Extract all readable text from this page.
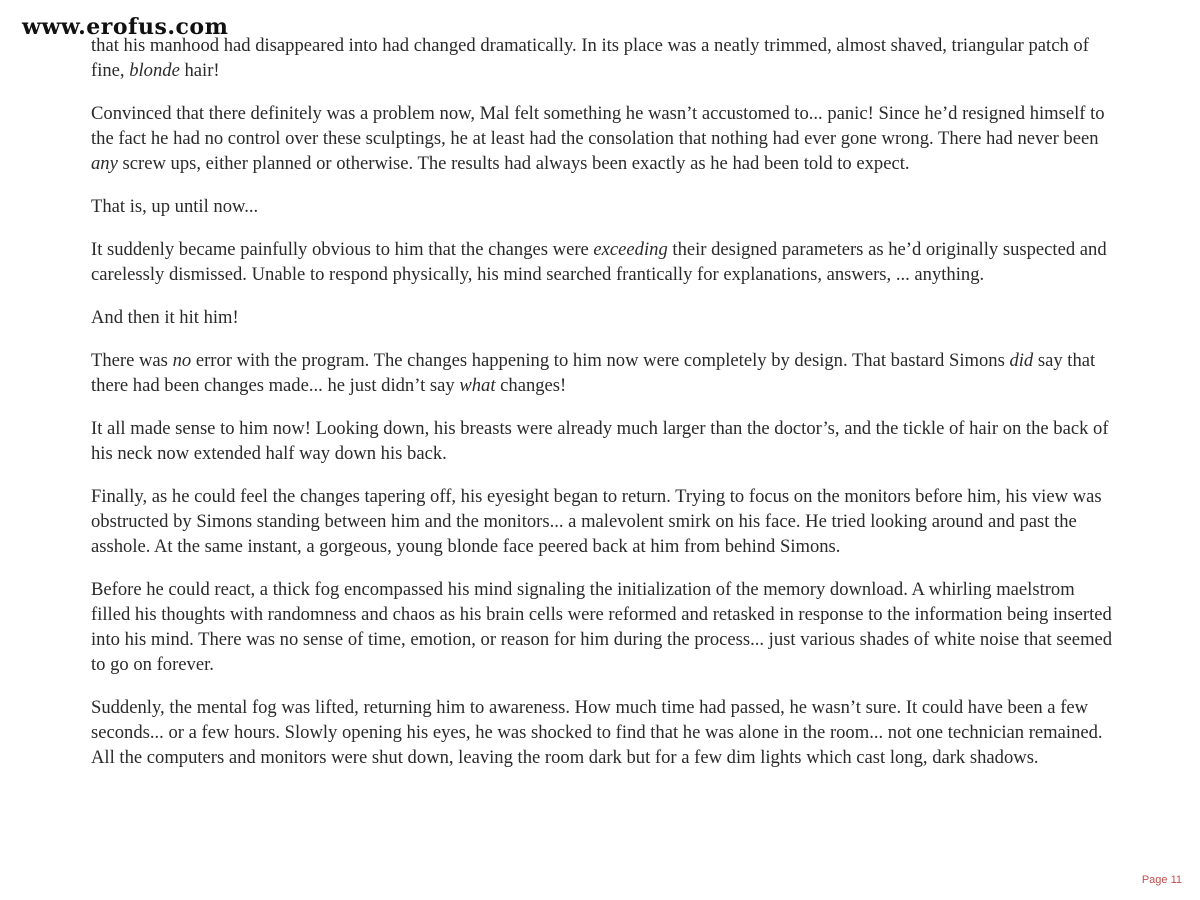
www.erofus.com

that his manhood had disappeared into had changed dramatically. In its place was a neatly trimmed, almost shaved, triangular patch of fine, blonde hair!

Convinced that there definitely was a problem now, Mal felt something he wasn’t accustomed to... panic! Since he’d resigned himself to the fact he had no control over these sculptings, he at least had the consolation that nothing had ever gone wrong. There had never been any screw ups, either planned or otherwise. The results had always been exactly as he had been told to expect.

That is, up until now...

It suddenly became painfully obvious to him that the changes were exceeding their designed parameters as he’d originally suspected and carelessly dismissed. Unable to respond physically, his mind searched frantically for explanations, answers, ... anything.

And then it hit him!

There was no error with the program. The changes happening to him now were completely by design. That bastard Simons did say that there had been changes made... he just didn’t say what changes!

It all made sense to him now! Looking down, his breasts were already much larger than the doctor’s, and the tickle of hair on the back of his neck now extended half way down his back.

Finally, as he could feel the changes tapering off, his eyesight began to return. Trying to focus on the monitors before him, his view was obstructed by Simons standing between him and the monitors... a malevolent smirk on his face. He tried looking around and past the asshole. At the same instant, a gorgeous, young blonde face peered back at him from behind Simons.

Before he could react, a thick fog encompassed his mind signaling the initialization of the memory download. A whirling maelstrom filled his thoughts with randomness and chaos as his brain cells were reformed and retasked in response to the information being inserted into his mind. There was no sense of time, emotion, or reason for him during the process... just various shades of white noise that seemed to go on forever.

Suddenly, the mental fog was lifted, returning him to awareness. How much time had passed, he wasn’t sure. It could have been a few seconds... or a few hours. Slowly opening his eyes, he was shocked to find that he was alone in the room... not one technician remained. All the computers and monitors were shut down, leaving the room dark but for a few dim lights which cast long, dark shadows.

Page 11
